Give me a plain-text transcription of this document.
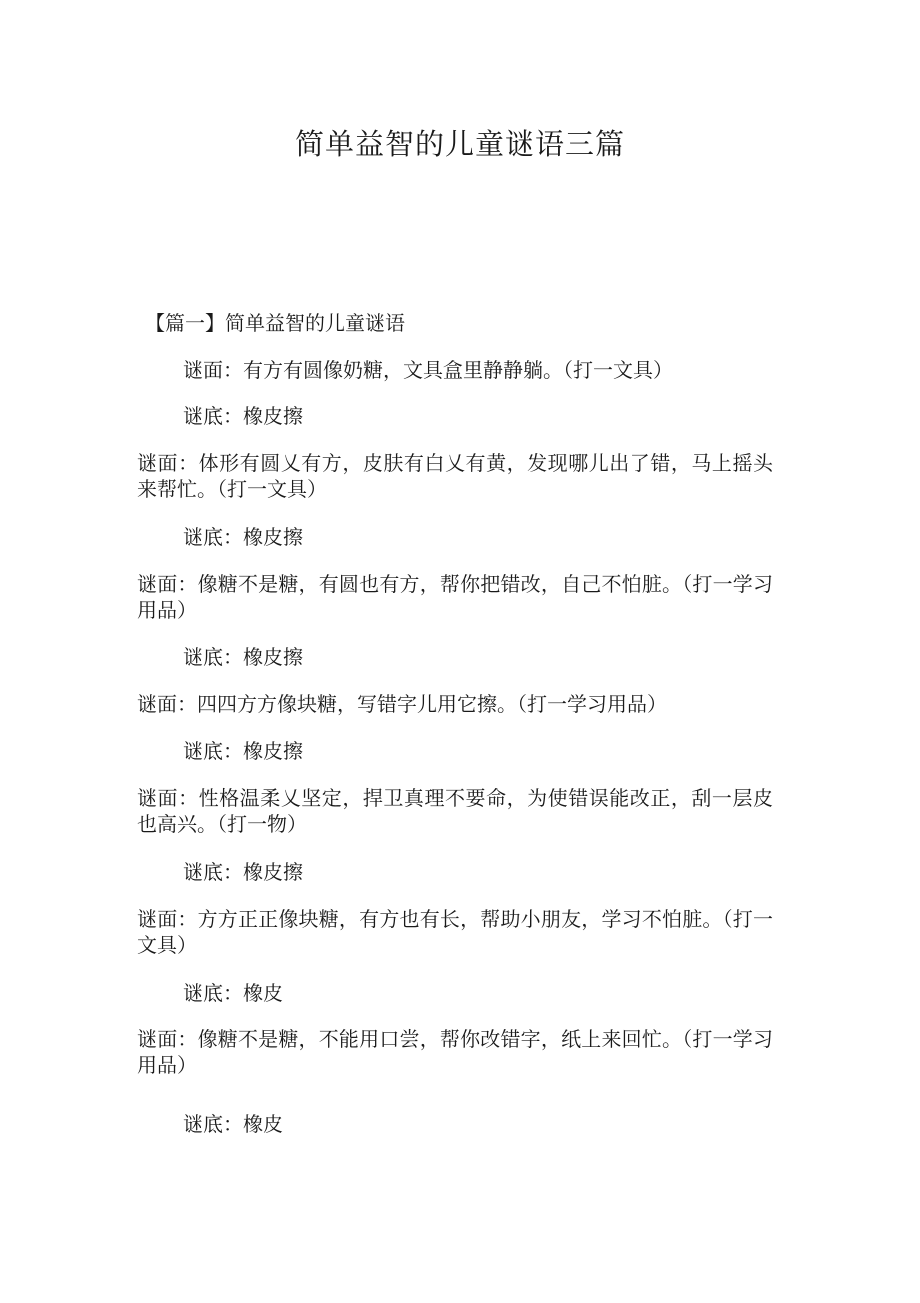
简单益智的儿童谜语三篇
【篇一】简单益智的儿童谜语
谜面：有方有圆像奶糖，文具盒里静静躺。（打一文具）
谜底：橡皮擦
谜面：体形有圆乂有方，皮肤有白乂有黄，发现哪儿出了错，马上摇头来帮忙。（打一文具）
谜底：橡皮擦
谜面：像糖不是糖，有圆也有方，帮你把错改，自己不怕脏。（打一学习用品）
谜底：橡皮擦
谜面：四四方方像块糖，写错字儿用它擦。（打一学习用品）
谜底：橡皮擦
谜面：性格温柔乂坚定，捍卫真理不要命，为使错误能改正，刮一层皮也高兴。（打一物）
谜底：橡皮擦
谜面：方方正正像块糖，有方也有长，帮助小朋友，学习不怕脏。（打一文具）
谜底：橡皮
谜面：像糖不是糖，不能用口尝，帮你改错字，纸上来回忙。（打一学习用品）
谜底：橡皮
